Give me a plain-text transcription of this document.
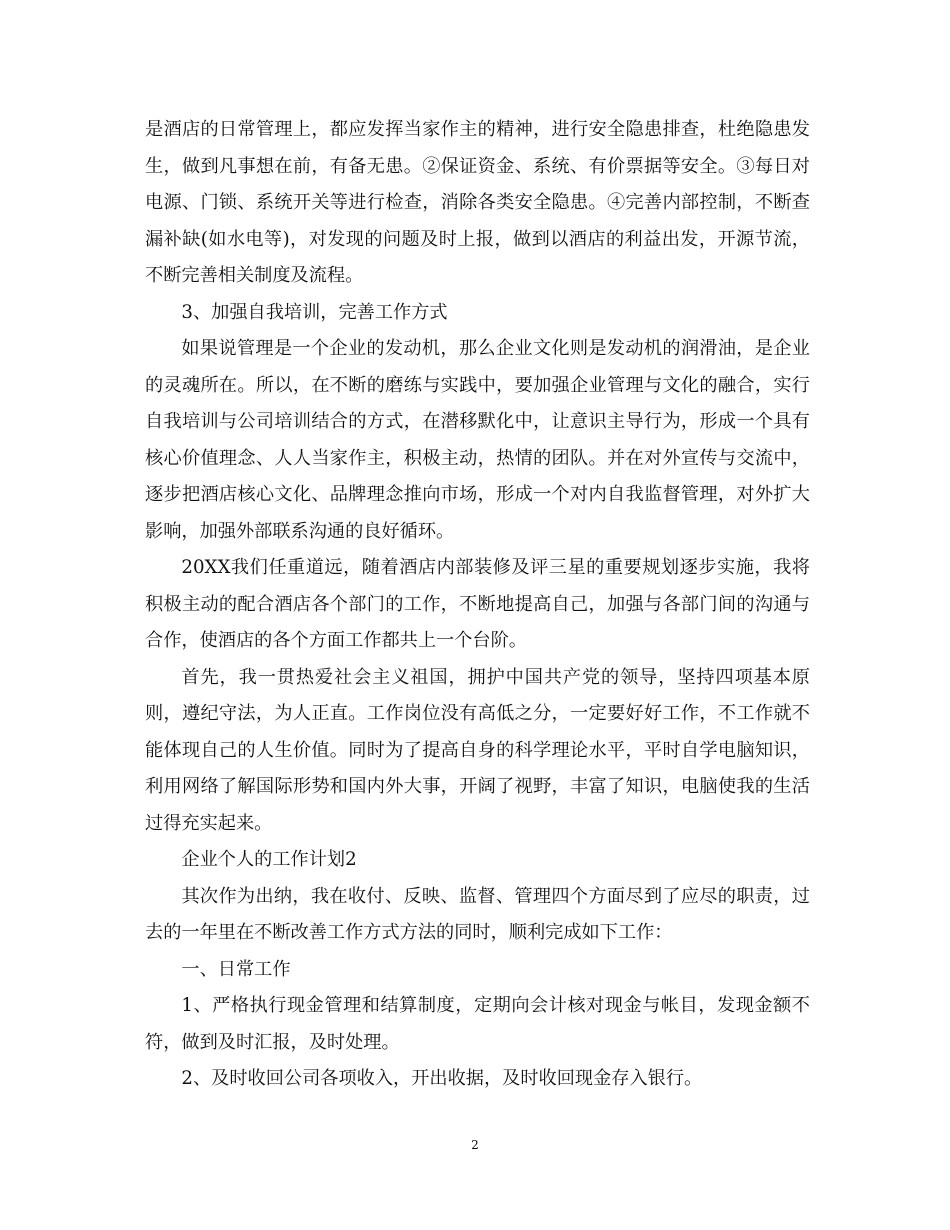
是酒店的日常管理上，都应发挥当家作主的精神，进行安全隐患排查，杜绝隐患发生，做到凡事想在前，有备无患。②保证资金、系统、有价票据等安全。③每日对电源、门锁、系统开关等进行检查，消除各类安全隐患。④完善内部控制，不断查漏补缺(如水电等)，对发现的问题及时上报，做到以酒店的利益出发，开源节流，不断完善相关制度及流程。

3、加强自我培训，完善工作方式

如果说管理是一个企业的发动机，那么企业文化则是发动机的润滑油，是企业的灵魂所在。所以，在不断的磨练与实践中，要加强企业管理与文化的融合，实行自我培训与公司培训结合的方式，在潜移默化中，让意识主导行为，形成一个具有核心价值理念、人人当家作主，积极主动，热情的团队。并在对外宣传与交流中，逐步把酒店核心文化、品牌理念推向市场，形成一个对内自我监督管理，对外扩大影响，加强外部联系沟通的良好循环。

20XX我们任重道远，随着酒店内部装修及评三星的重要规划逐步实施，我将积极主动的配合酒店各个部门的工作，不断地提高自己，加强与各部门间的沟通与合作，使酒店的各个方面工作都共上一个台阶。

首先，我一贯热爱社会主义祖国，拥护中国共产党的领导，坚持四项基本原则，遵纪守法，为人正直。工作岗位没有高低之分，一定要好好工作，不工作就不能体现自己的人生价值。同时为了提高自身的科学理论水平，平时自学电脑知识，利用网络了解国际形势和国内外大事，开阔了视野，丰富了知识，电脑使我的生活过得充实起来。

企业个人的工作计划2

其次作为出纳，我在收付、反映、监督、管理四个方面尽到了应尽的职责，过去的一年里在不断改善工作方式方法的同时，顺利完成如下工作：

一、日常工作

1、严格执行现金管理和结算制度，定期向会计核对现金与帐目，发现金额不符，做到及时汇报，及时处理。

2、及时收回公司各项收入，开出收据，及时收回现金存入银行。

2
